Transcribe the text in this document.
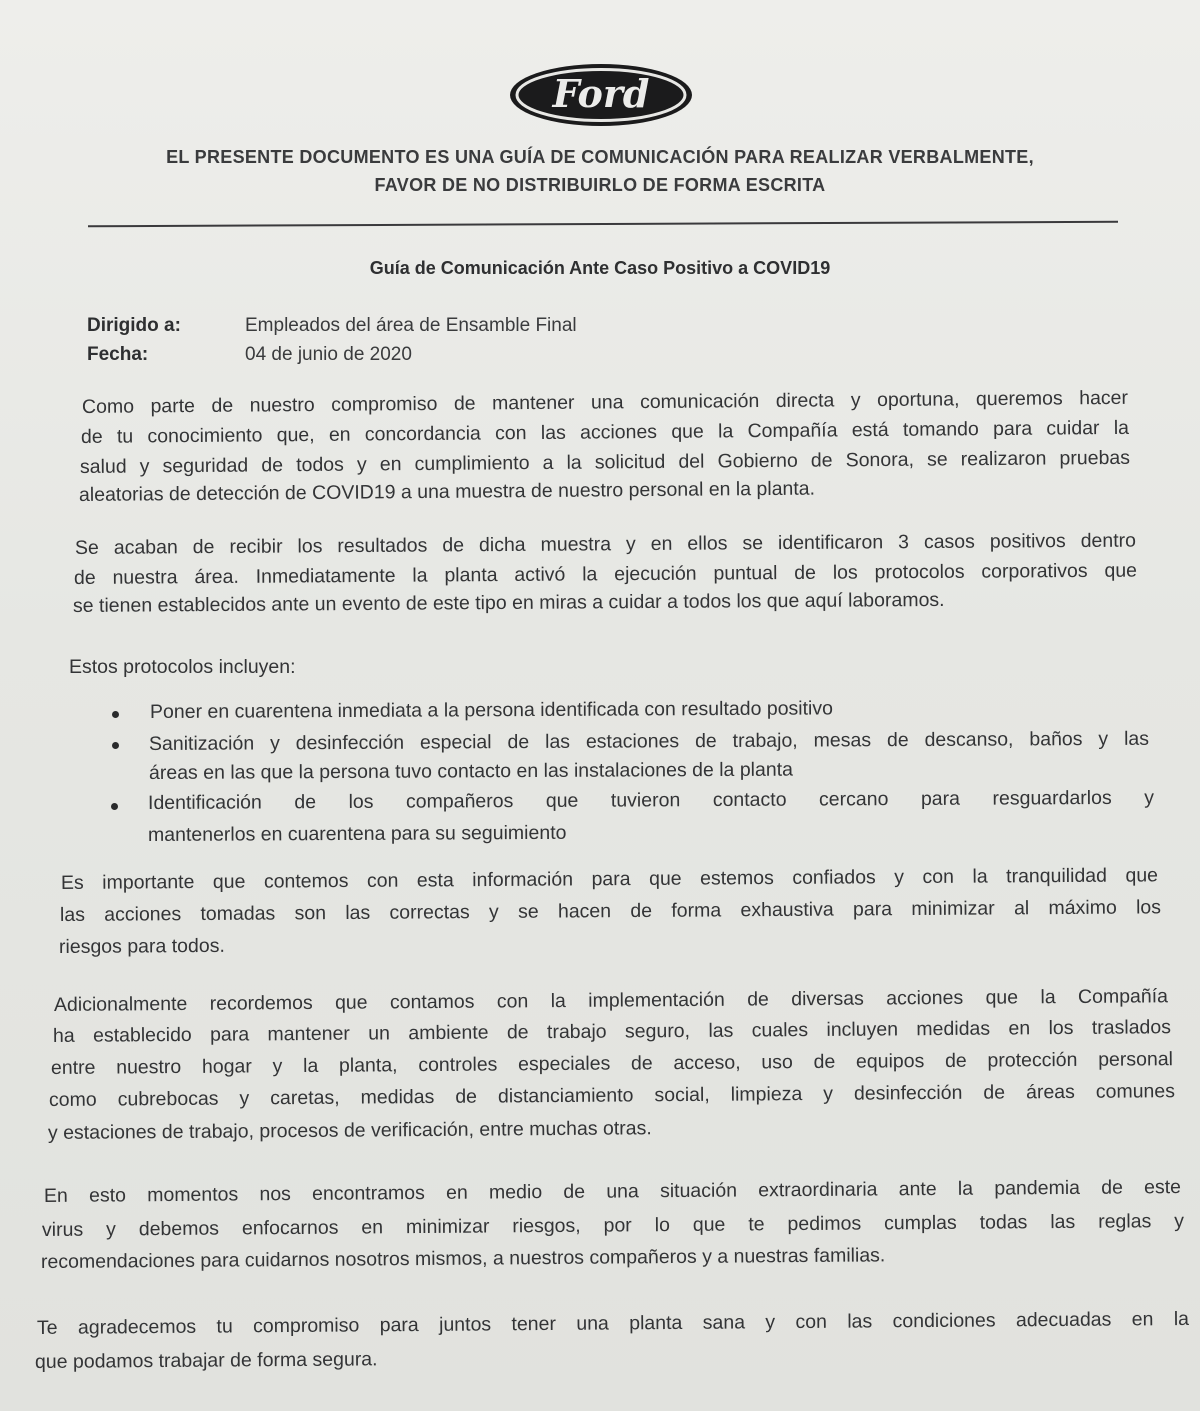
Ford
EL PRESENTE DOCUMENTO ES UNA GUÍA DE COMUNICACIÓN PARA REALIZAR VERBALMENTE,
FAVOR DE NO DISTRIBUIRLO DE FORMA ESCRITA
Guía de Comunicación Ante Caso Positivo a COVID19
Dirigido a:	Empleados del área de Ensamble Final
Fecha:	04 de junio de 2020
Como parte de nuestro compromiso de mantener una comunicación directa y oportuna, queremos hacer
de tu conocimiento que, en concordancia con las acciones que la Compañía está tomando para cuidar la
salud y seguridad de todos y en cumplimiento a la solicitud del Gobierno de Sonora, se realizaron pruebas
aleatorias de detección de COVID19 a una muestra de nuestro personal en la planta.
Se acaban de recibir los resultados de dicha muestra y en ellos se identificaron 3 casos positivos dentro
de nuestra área. Inmediatamente la planta activó la ejecución puntual de los protocolos corporativos que
se tienen establecidos ante un evento de este tipo en miras a cuidar a todos los que aquí laboramos.
Estos protocolos incluyen:
Poner en cuarentena inmediata a la persona identificada con resultado positivo
Sanitización y desinfección especial de las estaciones de trabajo, mesas de descanso, baños y las
áreas en las que la persona tuvo contacto en las instalaciones de la planta
Identificación de los compañeros que tuvieron contacto cercano para resguardarlos y
mantenerlos en cuarentena para su seguimiento
Es importante que contemos con esta información para que estemos confiados y con la tranquilidad que
las acciones tomadas son las correctas y se hacen de forma exhaustiva para minimizar al máximo los
riesgos para todos.
Adicionalmente recordemos que contamos con la implementación de diversas acciones que la Compañía
ha establecido para mantener un ambiente de trabajo seguro, las cuales incluyen medidas en los traslados
entre nuestro hogar y la planta, controles especiales de acceso, uso de equipos de protección personal
como cubrebocas y caretas, medidas de distanciamiento social, limpieza y desinfección de áreas comunes
y estaciones de trabajo, procesos de verificación, entre muchas otras.
En esto momentos nos encontramos en medio de una situación extraordinaria ante la pandemia de este
virus y debemos enfocarnos en minimizar riesgos, por lo que te pedimos cumplas todas las reglas y
recomendaciones para cuidarnos nosotros mismos, a nuestros compañeros y a nuestras familias.
Te agradecemos tu compromiso para juntos tener una planta sana y con las condiciones adecuadas en la
que podamos trabajar de forma segura.
